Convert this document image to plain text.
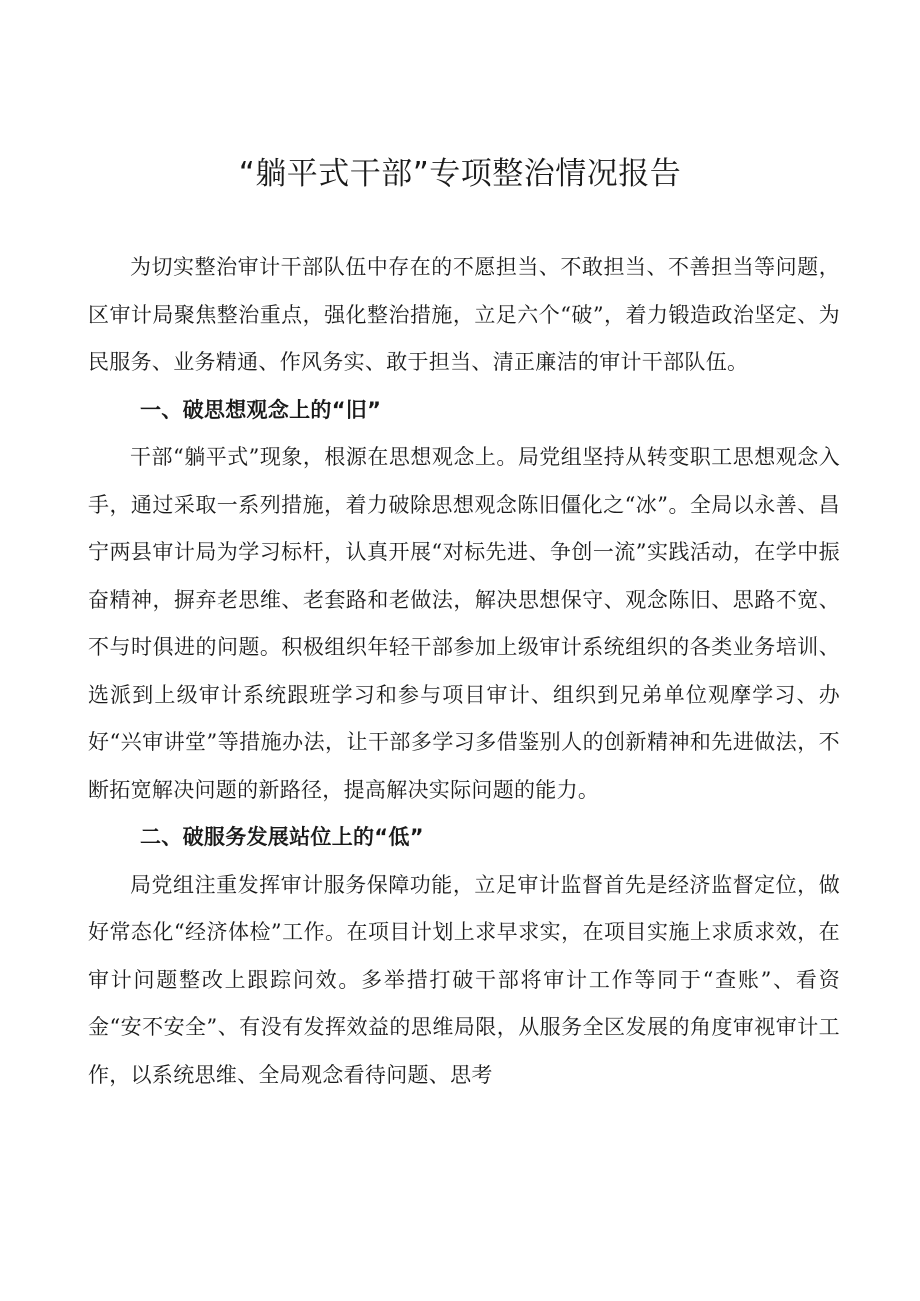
“躺平式干部”专项整治情况报告

为切实整治审计干部队伍中存在的不愿担当、不敢担当、不善担当等问题，区审计局聚焦整治重点，强化整治措施，立足六个“破”，着力锻造政治坚定、为民服务、业务精通、作风务实、敢于担当、清正廉洁的审计干部队伍。

一、破思想观念上的“旧”

干部“躺平式”现象，根源在思想观念上。局党组坚持从转变职工思想观念入手，通过采取一系列措施，着力破除思想观念陈旧僵化之“冰”。全局以永善、昌宁两县审计局为学习标杆，认真开展“对标先进、争创一流”实践活动，在学中振奋精神，摒弃老思维、老套路和老做法，解决思想保守、观念陈旧、思路不宽、不与时俱进的问题。积极组织年轻干部参加上级审计系统组织的各类业务培训、选派到上级审计系统跟班学习和参与项目审计、组织到兄弟单位观摩学习、办好“兴审讲堂”等措施办法，让干部多学习多借鉴别人的创新精神和先进做法，不断拓宽解决问题的新路径，提高解决实际问题的能力。

二、破服务发展站位上的“低”

局党组注重发挥审计服务保障功能，立足审计监督首先是经济监督定位，做好常态化“经济体检”工作。在项目计划上求早求实，在项目实施上求质求效，在审计问题整改上跟踪问效。多举措打破干部将审计工作等同于“查账”、看资金“安不安全”、有没有发挥效益的思维局限，从服务全区发展的角度审视审计工作，以系统思维、全局观念看待问题、思考
